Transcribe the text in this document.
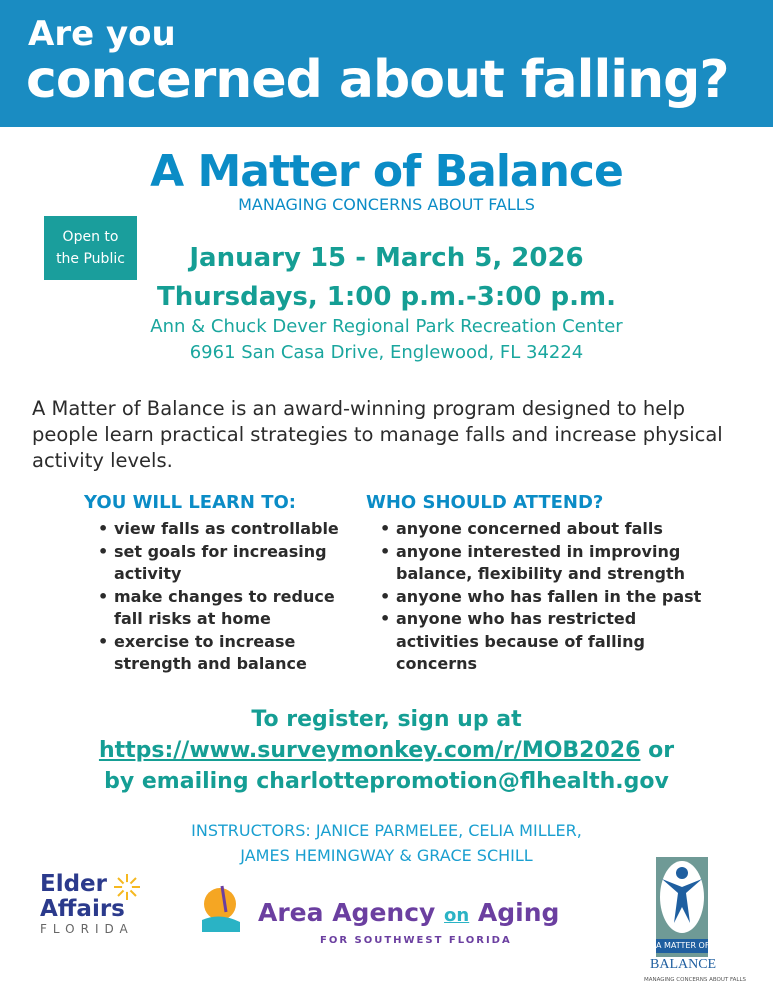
Are you
concerned about falling?
A Matter of Balance
MANAGING CONCERNS ABOUT FALLS
Open to
the Public	January 15 - March 5, 2026
Thursdays, 1:00 p.m.-3:00 p.m.
Ann & Chuck Dever Regional Park Recreation Center
6961 San Casa Drive, Englewood, FL 34224
A Matter of Balance is an award-winning program designed to help people learn practical strategies to manage falls and increase physical activity levels.
YOU WILL LEARN TO:
• view falls as controllable
• set goals for increasing activity
• make changes to reduce fall risks at home
• exercise to increase strength and balance
WHO SHOULD ATTEND?
• anyone concerned about falls
• anyone interested in improving balance, flexibility and strength
• anyone who has fallen in the past
• anyone who has restricted activities because of falling concerns
To register, sign up at
https://www.surveymonkey.com/r/MOB2026 or
by emailing charlottepromotion@flhealth.gov
INSTRUCTORS: JANICE PARMELEE, CELIA MILLER,
JAMES HEMINGWAY & GRACE SCHILL
Elder
Affairs
FLORIDA
Area Agency on Aging
FOR SOUTHWEST FLORIDA	A MATTER OF
BALANCE
MANAGING CONCERNS ABOUT FALLS
